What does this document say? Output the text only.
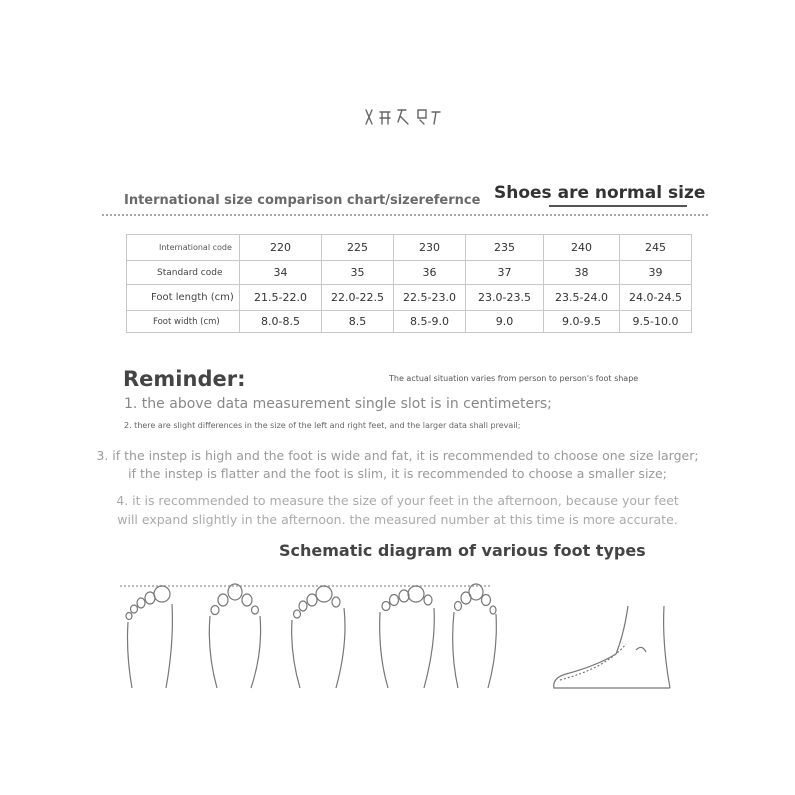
International size comparison chart/sizerefernce Shoes are normal size
International code	220	225	230	235	240	245
Standard code	34	35	36	37	38	39
Foot length (cm)	21.5-22.0	22.0-22.5	22.5-23.0	23.0-23.5	23.5-24.0	24.0-24.5
Foot width (cm)	8.0-8.5	8.5	8.5-9.0	9.0	9.0-9.5	9.5-10.0
Reminder:	The actual situation varies from person to person's foot shape
1. the above data measurement single slot is in centimeters;
2. there are slight differences in the size of the left and right feet, and the larger data shall prevail;
3. if the instep is high and the foot is wide and fat, it is recommended to choose one size larger;
if the instep is flatter and the foot is slim, it is recommended to choose a smaller size;
4. it is recommended to measure the size of your feet in the afternoon, because your feet
will expand slightly in the afternoon. the measured number at this time is more accurate.
Schematic diagram of various foot types
